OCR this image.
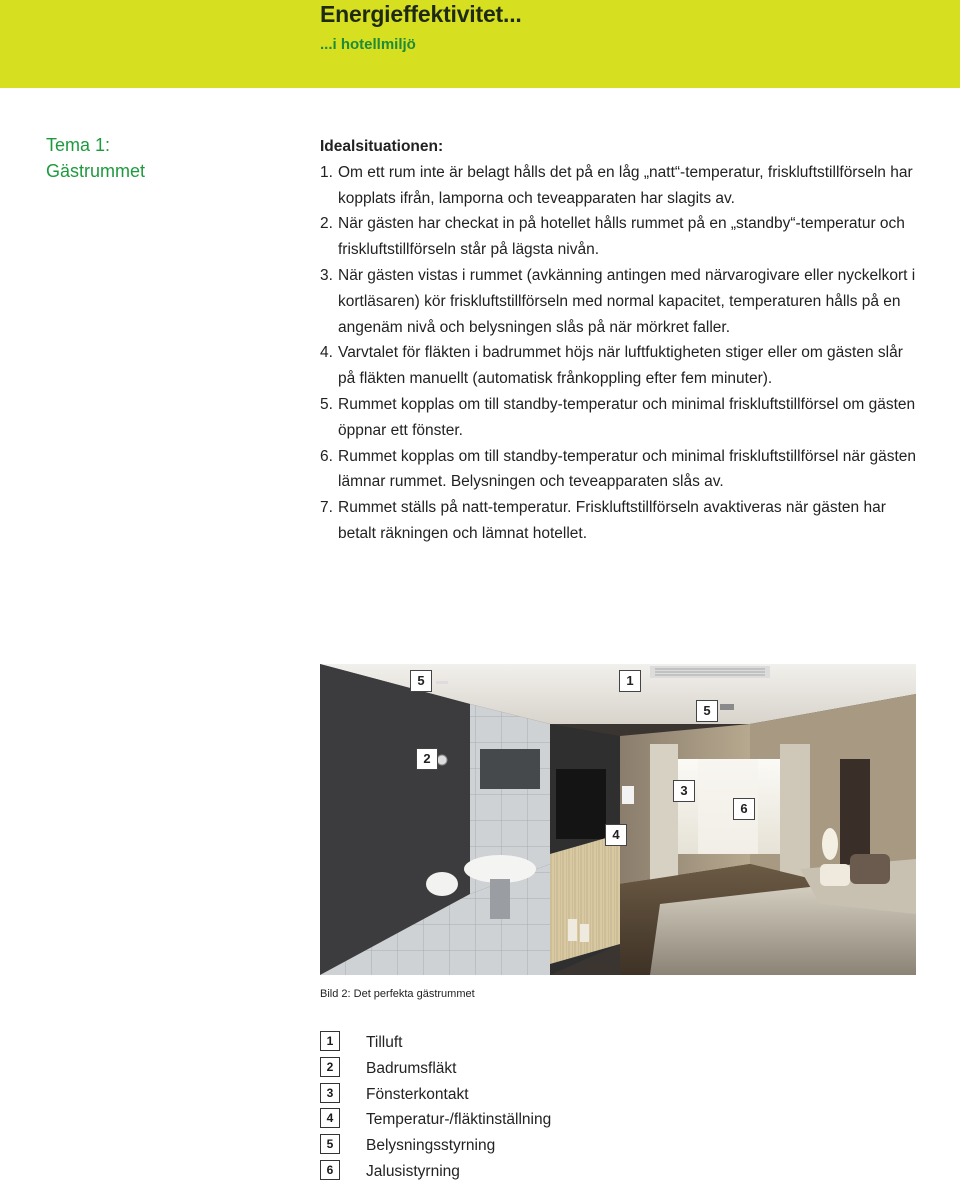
Energieffektivitet...
...i hotellmiljö
Tema 1:
Gästrummet
Idealsituationen:
1. Om ett rum inte är belagt hålls det på en låg „natt“-temperatur, friskluftstillförseln har kopplats ifrån, lamporna och teveapparaten har slagits av.
2. När gästen har checkat in på hotellet hålls rummet på en „standby“-temperatur och friskluftstillförseln står på lägsta nivån.
3. När gästen vistas i rummet (avkänning antingen med närvarogivare eller nyckelkort i kortläsaren) kör friskluftstillförseln med normal kapacitet, temperaturen hålls på en angenäm nivå och belysningen slås på när mörkret faller.
4. Varvtalet för fläkten i badrummet höjs när luftfuktigheten stiger eller om gästen slår på fläkten manuellt (automatisk frånkoppling efter fem minuter).
5. Rummet kopplas om till standby-temperatur och minimal friskluftstillförsel om gästen öppnar ett fönster.
6. Rummet kopplas om till standby-temperatur och minimal friskluftstillförsel när gästen lämnar rummet. Belysningen och teveapparaten slås av.
7. Rummet ställs på natt-temperatur. Friskluftstillförseln avaktiveras när gästen har betalt räkningen och lämnat hotellet.
5	1
5
2
3
6
4
Bild 2: Det perfekta gästrummet
1	Tilluft
2	Badrumsfläkt
3	Fönsterkontakt
4	Temperatur-/fläktinställning
5	Belysningsstyrning
6	Jalusistyrning
